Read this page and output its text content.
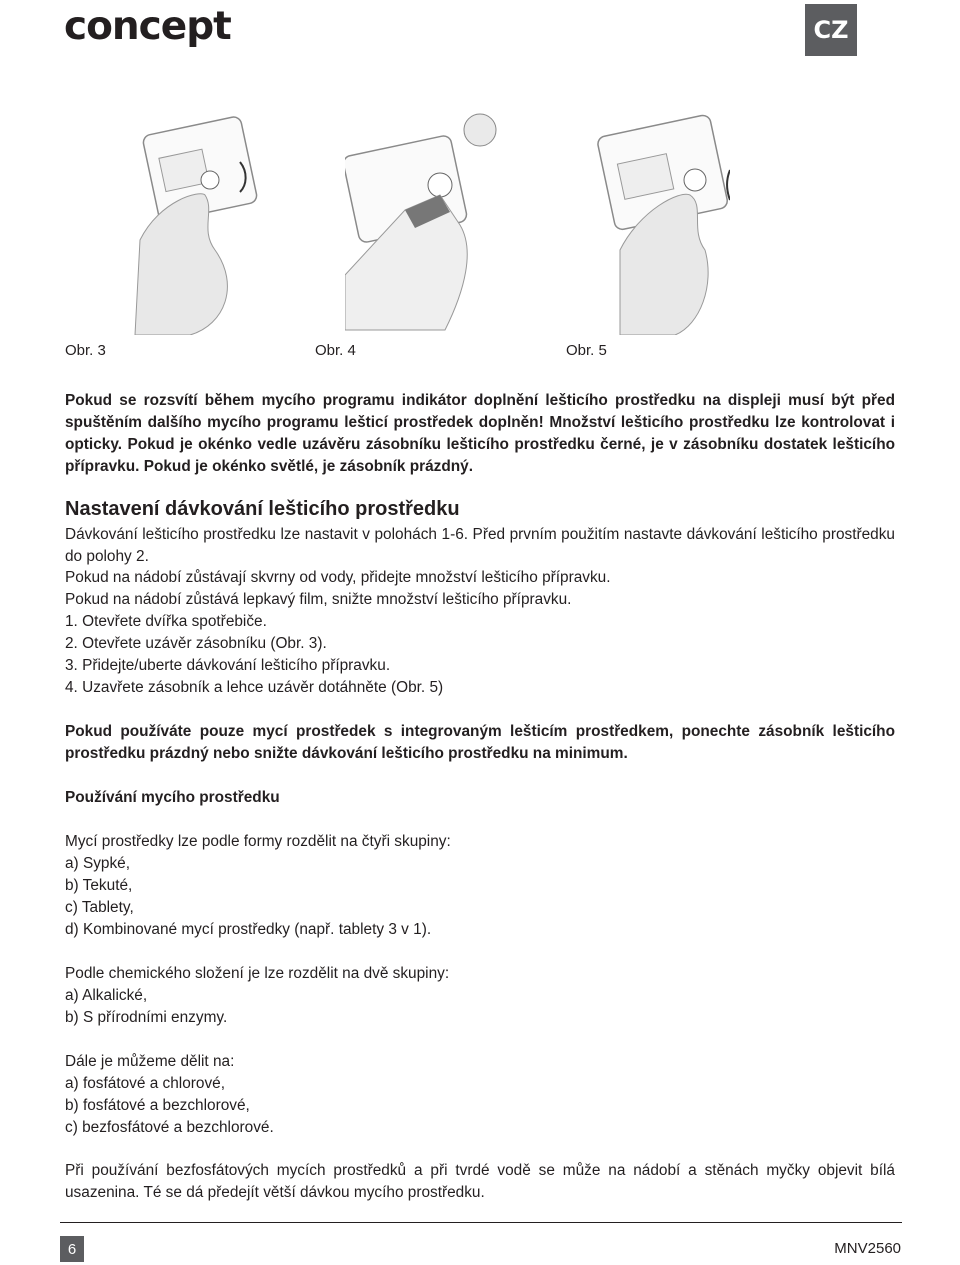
concept	CZ
Obr. 3	Obr. 4	Obr. 5
Pokud se rozsvítí během mycího programu indikátor doplnění lešticího prostředku na displeji musí být před spuštěním dalšího mycího programu lešticí prostředek doplněn! Množství lešticího prostředku lze kontrolovat i opticky. Pokud je okénko vedle uzávěru zásobníku lešticího prostředku černé, je v zásobníku dostatek lešticího přípravku. Pokud je okénko světlé, je zásobník prázdný.
Nastavení dávkování lešticího prostředku
Dávkování lešticího prostředku lze nastavit v polohách 1-6. Před prvním použitím nastavte dávkování lešticího prostředku do polohy 2.
Pokud na nádobí zůstávají skvrny od vody, přidejte množství lešticího přípravku.
Pokud na nádobí zůstává lepkavý film, snižte množství lešticího přípravku.
1. Otevřete dvířka spotřebiče.
2. Otevřete uzávěr zásobníku (Obr. 3).
3. Přidejte/uberte dávkování lešticího přípravku.
4. Uzavřete zásobník a lehce uzávěr dotáhněte (Obr. 5)
Pokud používáte pouze mycí prostředek s integrovaným lešticím prostředkem, ponechte zásobník lešticího prostředku prázdný nebo snižte dávkování lešticího prostředku na minimum.
Používání mycího prostředku
Mycí prostředky lze podle formy rozdělit na čtyři skupiny:
a) Sypké,
b) Tekuté,
c) Tablety,
d) Kombinované mycí prostředky (např. tablety 3 v 1).
Podle chemického složení je lze rozdělit na dvě skupiny:
a) Alkalické,
b) S přírodními enzymy.
Dále je můžeme dělit na:
a) fosfátové a chlorové,
b) fosfátové a bezchlorové,
c) bezfosfátové a bezchlorové.
Při používání bezfosfátových mycích prostředků a při tvrdé vodě se může na nádobí a stěnách myčky objevit bílá usazenina. Té se dá předejít větší dávkou mycího prostředku.
6	MNV2560
